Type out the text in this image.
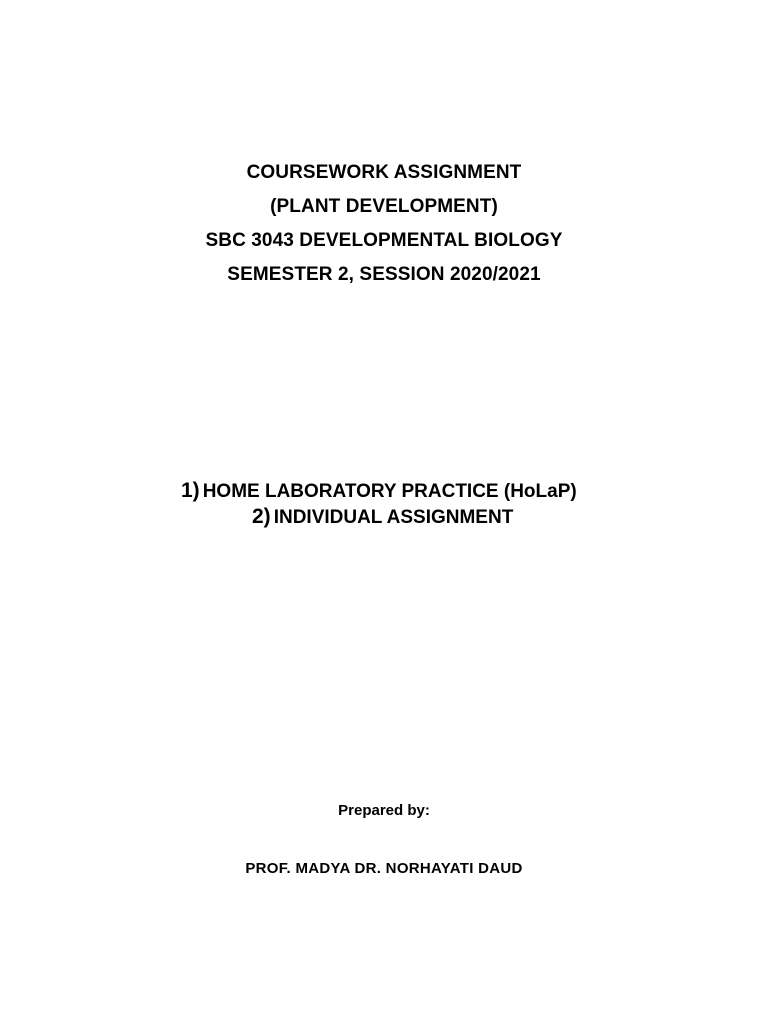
COURSEWORK ASSIGNMENT
(PLANT DEVELOPMENT)
SBC 3043 DEVELOPMENTAL BIOLOGY
SEMESTER 2, SESSION 2020/2021
1) HOME LABORATORY PRACTICE (HoLaP)
2) INDIVIDUAL ASSIGNMENT
Prepared by:
PROF. MADYA DR. NORHAYATI DAUD
